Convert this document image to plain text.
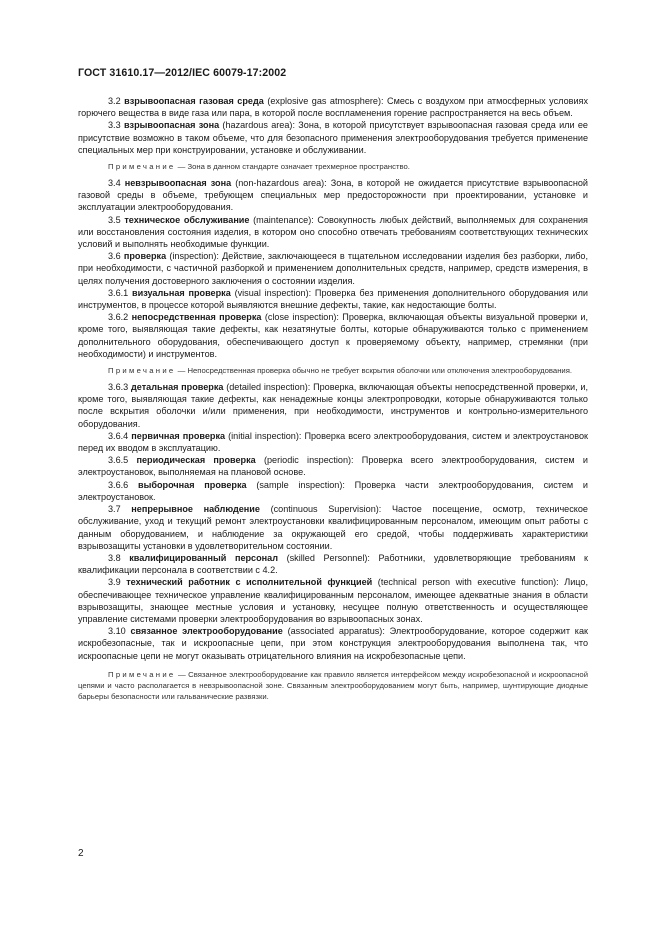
ГОСТ 31610.17—2012/IEC 60079-17:2002

3.2 взрывоопасная газовая среда (explosive gas atmosphere): Смесь с воздухом при атмосферных условиях горючего вещества в виде газа или пара, в которой после воспламенения горение распространяется на весь объем.

3.3 взрывоопасная зона (hazardous area): Зона, в которой присутствует взрывоопасная газовая среда или ее присутствие возможно в таком объеме, что для безопасного применения электрооборудования требуется применение специальных мер при конструировании, установке и обслуживании.

Примечание — Зона в данном стандарте означает трехмерное пространство.

3.4 невзрывоопасная зона (non-hazardous area): Зона, в которой не ожидается присутствие взрывоопасной газовой среды в объеме, требующем специальных мер предосторожности при проектировании, установке и эксплуатации электрооборудования.

3.5 техническое обслуживание (maintenance): Совокупность любых действий, выполняемых для сохранения или восстановления состояния изделия, в котором оно способно отвечать требованиям соответствующих технических условий и выполнять необходимые функции.

3.6 проверка (inspection): Действие, заключающееся в тщательном исследовании изделия без разборки, либо, при необходимости, с частичной разборкой и применением дополнительных средств, например, средств измерения, в целях получения достоверного заключения о состоянии изделия.

3.6.1 визуальная проверка (visual inspection): Проверка без применения дополнительного оборудования или инструментов, в процессе которой выявляются внешние дефекты, такие, как недостающие болты.

3.6.2 непосредственная проверка (close inspection): Проверка, включающая объекты визуальной проверки и, кроме того, выявляющая такие дефекты, как незатянутые болты, которые обнаруживаются только с применением дополнительного оборудования, обеспечивающего доступ к проверяемому объекту, например, стремянки (при необходимости) и инструментов.

Примечание — Непосредственная проверка обычно не требует вскрытия оболочки или отключения электрооборудования.

3.6.3 детальная проверка (detailed inspection): Проверка, включающая объекты непосредственной проверки, и, кроме того, выявляющая такие дефекты, как ненадежные концы электропроводки, которые обнаруживаются только после вскрытия оболочки и/или применения, при необходимости, инструментов и контрольно-измерительного оборудования.

3.6.4 первичная проверка (initial inspection): Проверка всего электрооборудования, систем и электроустановок перед их вводом в эксплуатацию.

3.6.5 периодическая проверка (periodic inspection): Проверка всего электрооборудования, систем и электроустановок, выполняемая на плановой основе.

3.6.6 выборочная проверка (sample inspection): Проверка части электрооборудования, систем и электроустановок.

3.7 непрерывное наблюдение (continuous Supervision): Частое посещение, осмотр, техническое обслуживание, уход и текущий ремонт электроустановки квалифицированным персоналом, имеющим опыт работы с данным оборудованием, и наблюдение за окружающей его средой, чтобы поддерживать характеристики взрывозащиты установки в удовлетворительном состоянии.

3.8 квалифицированный персонал (skilled Personnel): Работники, удовлетворяющие требованиям к квалификации персонала в соответствии с 4.2.

3.9 технический работник с исполнительной функцией (technical person with executive function): Лицо, обеспечивающее техническое управление квалифицированным персоналом, имеющее адекватные знания в области взрывозащиты, знающее местные условия и установку, несущее полную ответственность и осуществляющее управление системами проверки электрооборудования во взрывоопасных зонах.

3.10 связанное электрооборудование (associated apparatus): Электрооборудование, которое содержит как искробезопасные, так и искроопасные цепи, при этом конструкция электрооборудования выполнена так, что искроопасные цепи не могут оказывать отрицательного влияния на искробезопасные цепи.

Примечание — Связанное электрооборудование как правило является интерфейсом между искробезопасной и искроопасной цепями и часто располагается в невзрывоопасной зоне. Связанным электрооборудованием могут быть, например, шунтирующие диодные барьеры безопасности или гальванические развязки.

2
